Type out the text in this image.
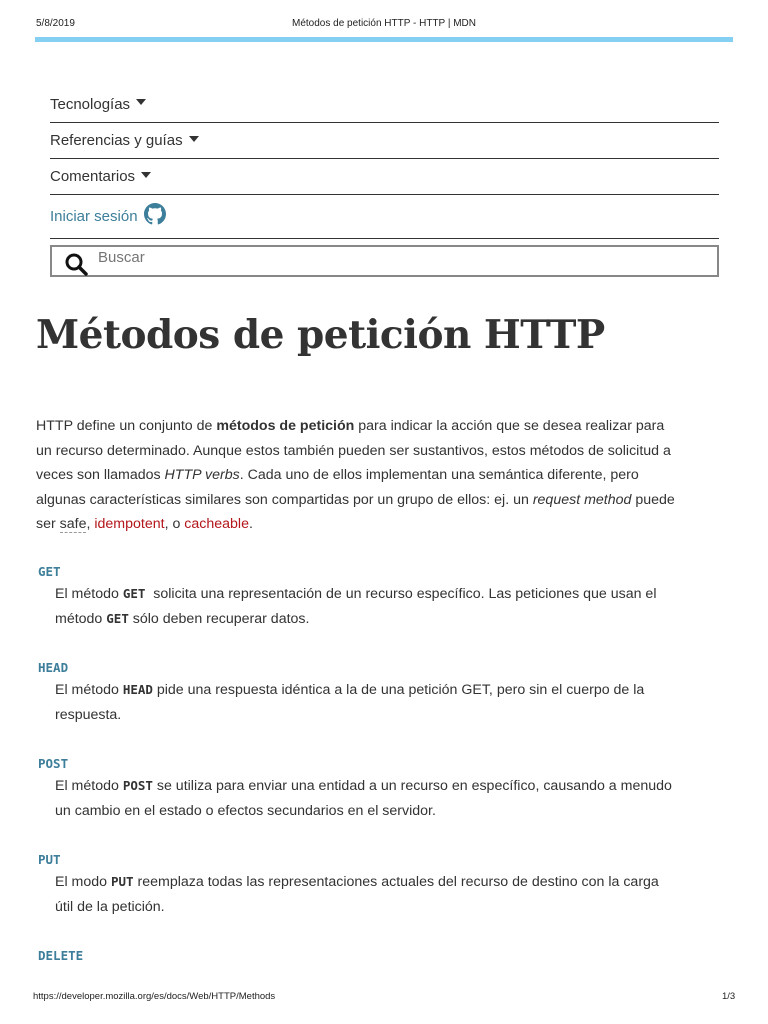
5/8/2019	Métodos de petición HTTP - HTTP | MDN
Tecnologías
Referencias y guías
Comentarios
Iniciar sesión
Buscar
Métodos de petición HTTP

HTTP define un conjunto de métodos de petición para indicar la acción que se desea realizar para un recurso determinado. Aunque estos también pueden ser sustantivos, estos métodos de solicitud a veces son llamados HTTP verbs. Cada uno de ellos implementan una semántica diferente, pero algunas características similares son compartidas por un grupo de ellos: ej. un request method puede ser safe, idempotent, o cacheable.

GET
El método GET  solicita una representación de un recurso específico. Las peticiones que usan el método GET sólo deben recuperar datos.
HEAD
El método HEAD pide una respuesta idéntica a la de una petición GET, pero sin el cuerpo de la respuesta.
POST
El método POST se utiliza para enviar una entidad a un recurso en específico, causando a menudo un cambio en el estado o efectos secundarios en el servidor.
PUT
El modo PUT reemplaza todas las representaciones actuales del recurso de destino con la carga útil de la petición.
DELETE
https://developer.mozilla.org/es/docs/Web/HTTP/Methods	1/3
